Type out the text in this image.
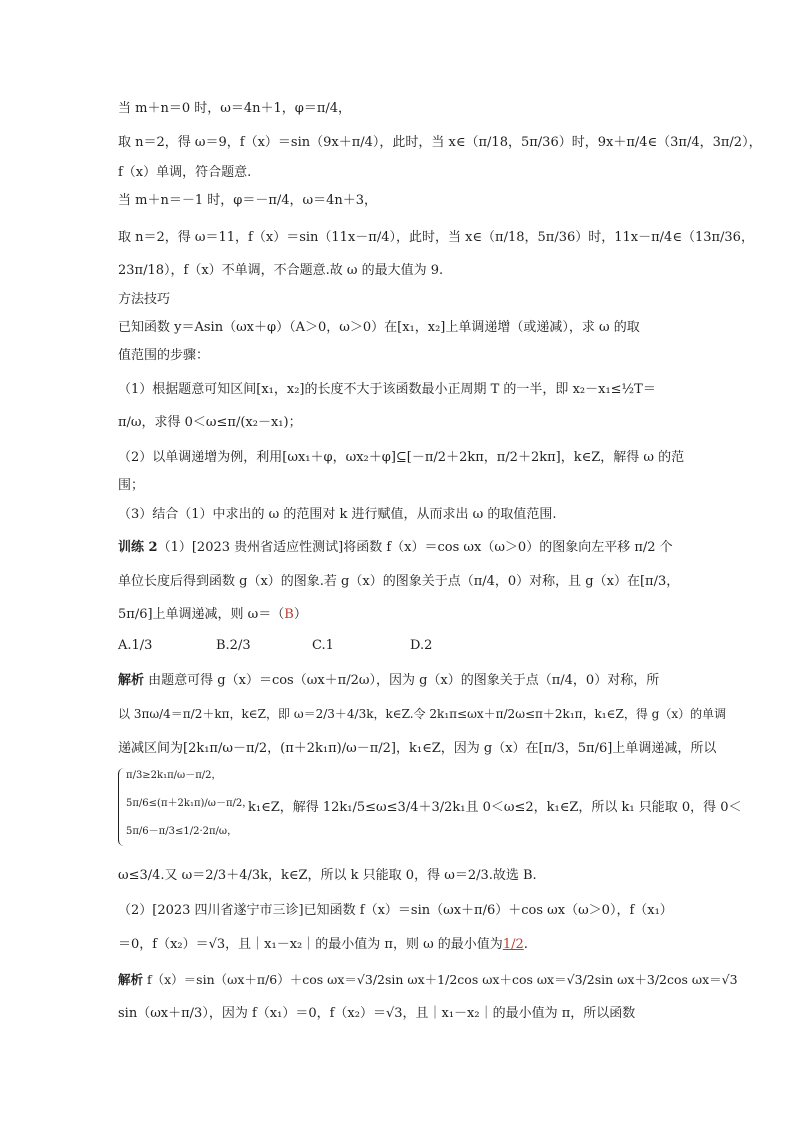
当 m＋n＝0 时，ω＝4n＋1，φ＝π/4，
取 n＝2，得 ω＝9，f（x）＝sin（9x＋π/4），此时，当 x∈（π/18，5π/36）时，9x＋π/4∈（3π/4，3π/2），
f（x）单调，符合题意.
当 m＋n＝－1 时，φ＝－π/4，ω＝4n＋3，
取 n＝2，得 ω＝11，f（x）＝sin（11x－π/4），此时，当 x∈（π/18，5π/36）时，11x－π/4∈（13π/36，
23π/18），f（x）不单调，不合题意.故 ω 的最大值为 9.
方法技巧
已知函数 y＝Asin（ωx＋φ）（A＞0，ω＞0）在[x₁，x₂]上单调递增（或递减），求 ω 的取
值范围的步骤：
（1）根据题意可知区间[x₁，x₂]的长度不大于该函数最小正周期 T 的一半，即 x₂－x₁≤½T＝
π/ω，求得 0＜ω≤π/(x₂－x₁)；
（2）以单调递增为例，利用[ωx₁＋φ，ωx₂＋φ]⊆[－π/2＋2kπ，π/2＋2kπ]，k∈Z，解得 ω 的范
围；
（3）结合（1）中求出的 ω 的范围对 k 进行赋值，从而求出 ω 的取值范围.
训练 2（1）[2023 贵州省适应性测试]将函数 f（x）＝cos ωx（ω＞0）的图象向左平移 π/2 个
单位长度后得到函数 g（x）的图象.若 g（x）的图象关于点（π/4，0）对称，且 g（x）在[π/3，
5π/6]上单调递减，则 ω＝（B）
A.1/3	B.2/3	C.1	D.2
解析 由题意可得 g（x）＝cos（ωx＋π/2ω），因为 g（x）的图象关于点（π/4，0）对称，所
以 3πω/4＝π/2＋kπ，k∈Z，即 ω＝2/3＋4/3k，k∈Z.令 2k₁π≤ωx＋π/2ω≤π＋2k₁π，k₁∈Z，得 g（x）的单调
递减区间为[2k₁π/ω－π/2，(π＋2k₁π)/ω－π/2]，k₁∈Z，因为 g（x）在[π/3，5π/6]上单调递减，所以
π/3≥2k₁π/ω－π/2，
5π/6≤(π＋2k₁π)/ω－π/2，
5π/6－π/3≤1/2·2π/ω，
k₁∈Z，解得 12k₁/5≤ω≤3/4＋3/2k₁且 0＜ω≤2，k₁∈Z，所以 k₁ 只能取 0，得 0＜
ω≤3/4.又 ω＝2/3＋4/3k，k∈Z，所以 k 只能取 0，得 ω＝2/3.故选 B.
（2）[2023 四川省遂宁市三诊]已知函数 f（x）＝sin（ωx＋π/6）＋cos ωx（ω＞0），f（x₁）
＝0，f（x₂）＝√3，且｜x₁－x₂｜的最小值为 π，则 ω 的最小值为1/2.
解析 f（x）＝sin（ωx＋π/6）＋cos ωx＝√3/2sin ωx＋1/2cos ωx＋cos ωx＝√3/2sin ωx＋3/2cos ωx＝√3
sin（ωx＋π/3），因为 f（x₁）＝0，f（x₂）＝√3，且｜x₁－x₂｜的最小值为 π，所以函数
